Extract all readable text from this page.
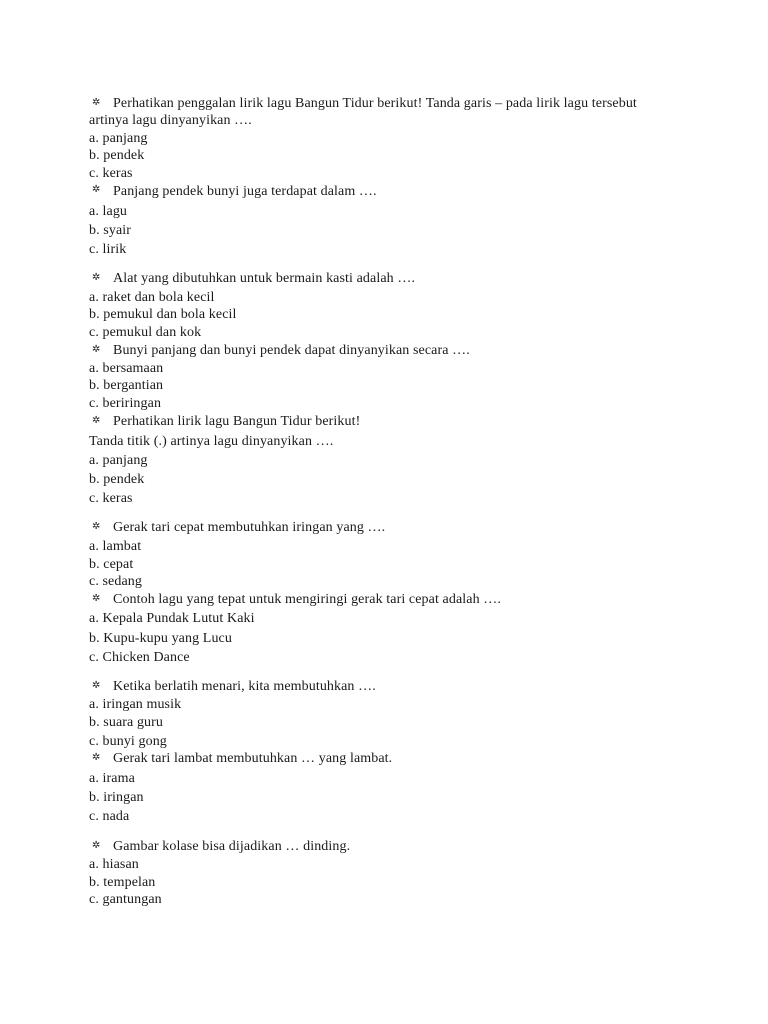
✲ Perhatikan penggalan lirik lagu Bangun Tidur berikut! Tanda garis – pada lirik lagu tersebut
artinya lagu dinyanyikan ….
a. panjang
b. pendek
c. keras
✲ Panjang pendek bunyi juga terdapat dalam ….
a. lagu
b. syair
c. lirik
✲ Alat yang dibutuhkan untuk bermain kasti adalah ….
a. raket dan bola kecil
b. pemukul dan bola kecil
c. pemukul dan kok
✲ Bunyi panjang dan bunyi pendek dapat dinyanyikan secara ….
a. bersamaan
b. bergantian
c. beriringan
✲ Perhatikan lirik lagu Bangun Tidur berikut!
Tanda titik (.) artinya lagu dinyanyikan ….
a. panjang
b. pendek
c. keras
✲ Gerak tari cepat membutuhkan iringan yang ….
a. lambat
b. cepat
c. sedang
✲ Contoh lagu yang tepat untuk mengiringi gerak tari cepat adalah ….
a. Kepala Pundak Lutut Kaki
b. Kupu-kupu yang Lucu
c. Chicken Dance
✲ Ketika berlatih menari, kita membutuhkan ….
a. iringan musik
b. suara guru
c. bunyi gong
✲ Gerak tari lambat membutuhkan … yang lambat.
a. irama
b. iringan
c. nada
✲ Gambar kolase bisa dijadikan … dinding.
a. hiasan
b. tempelan
c. gantungan
